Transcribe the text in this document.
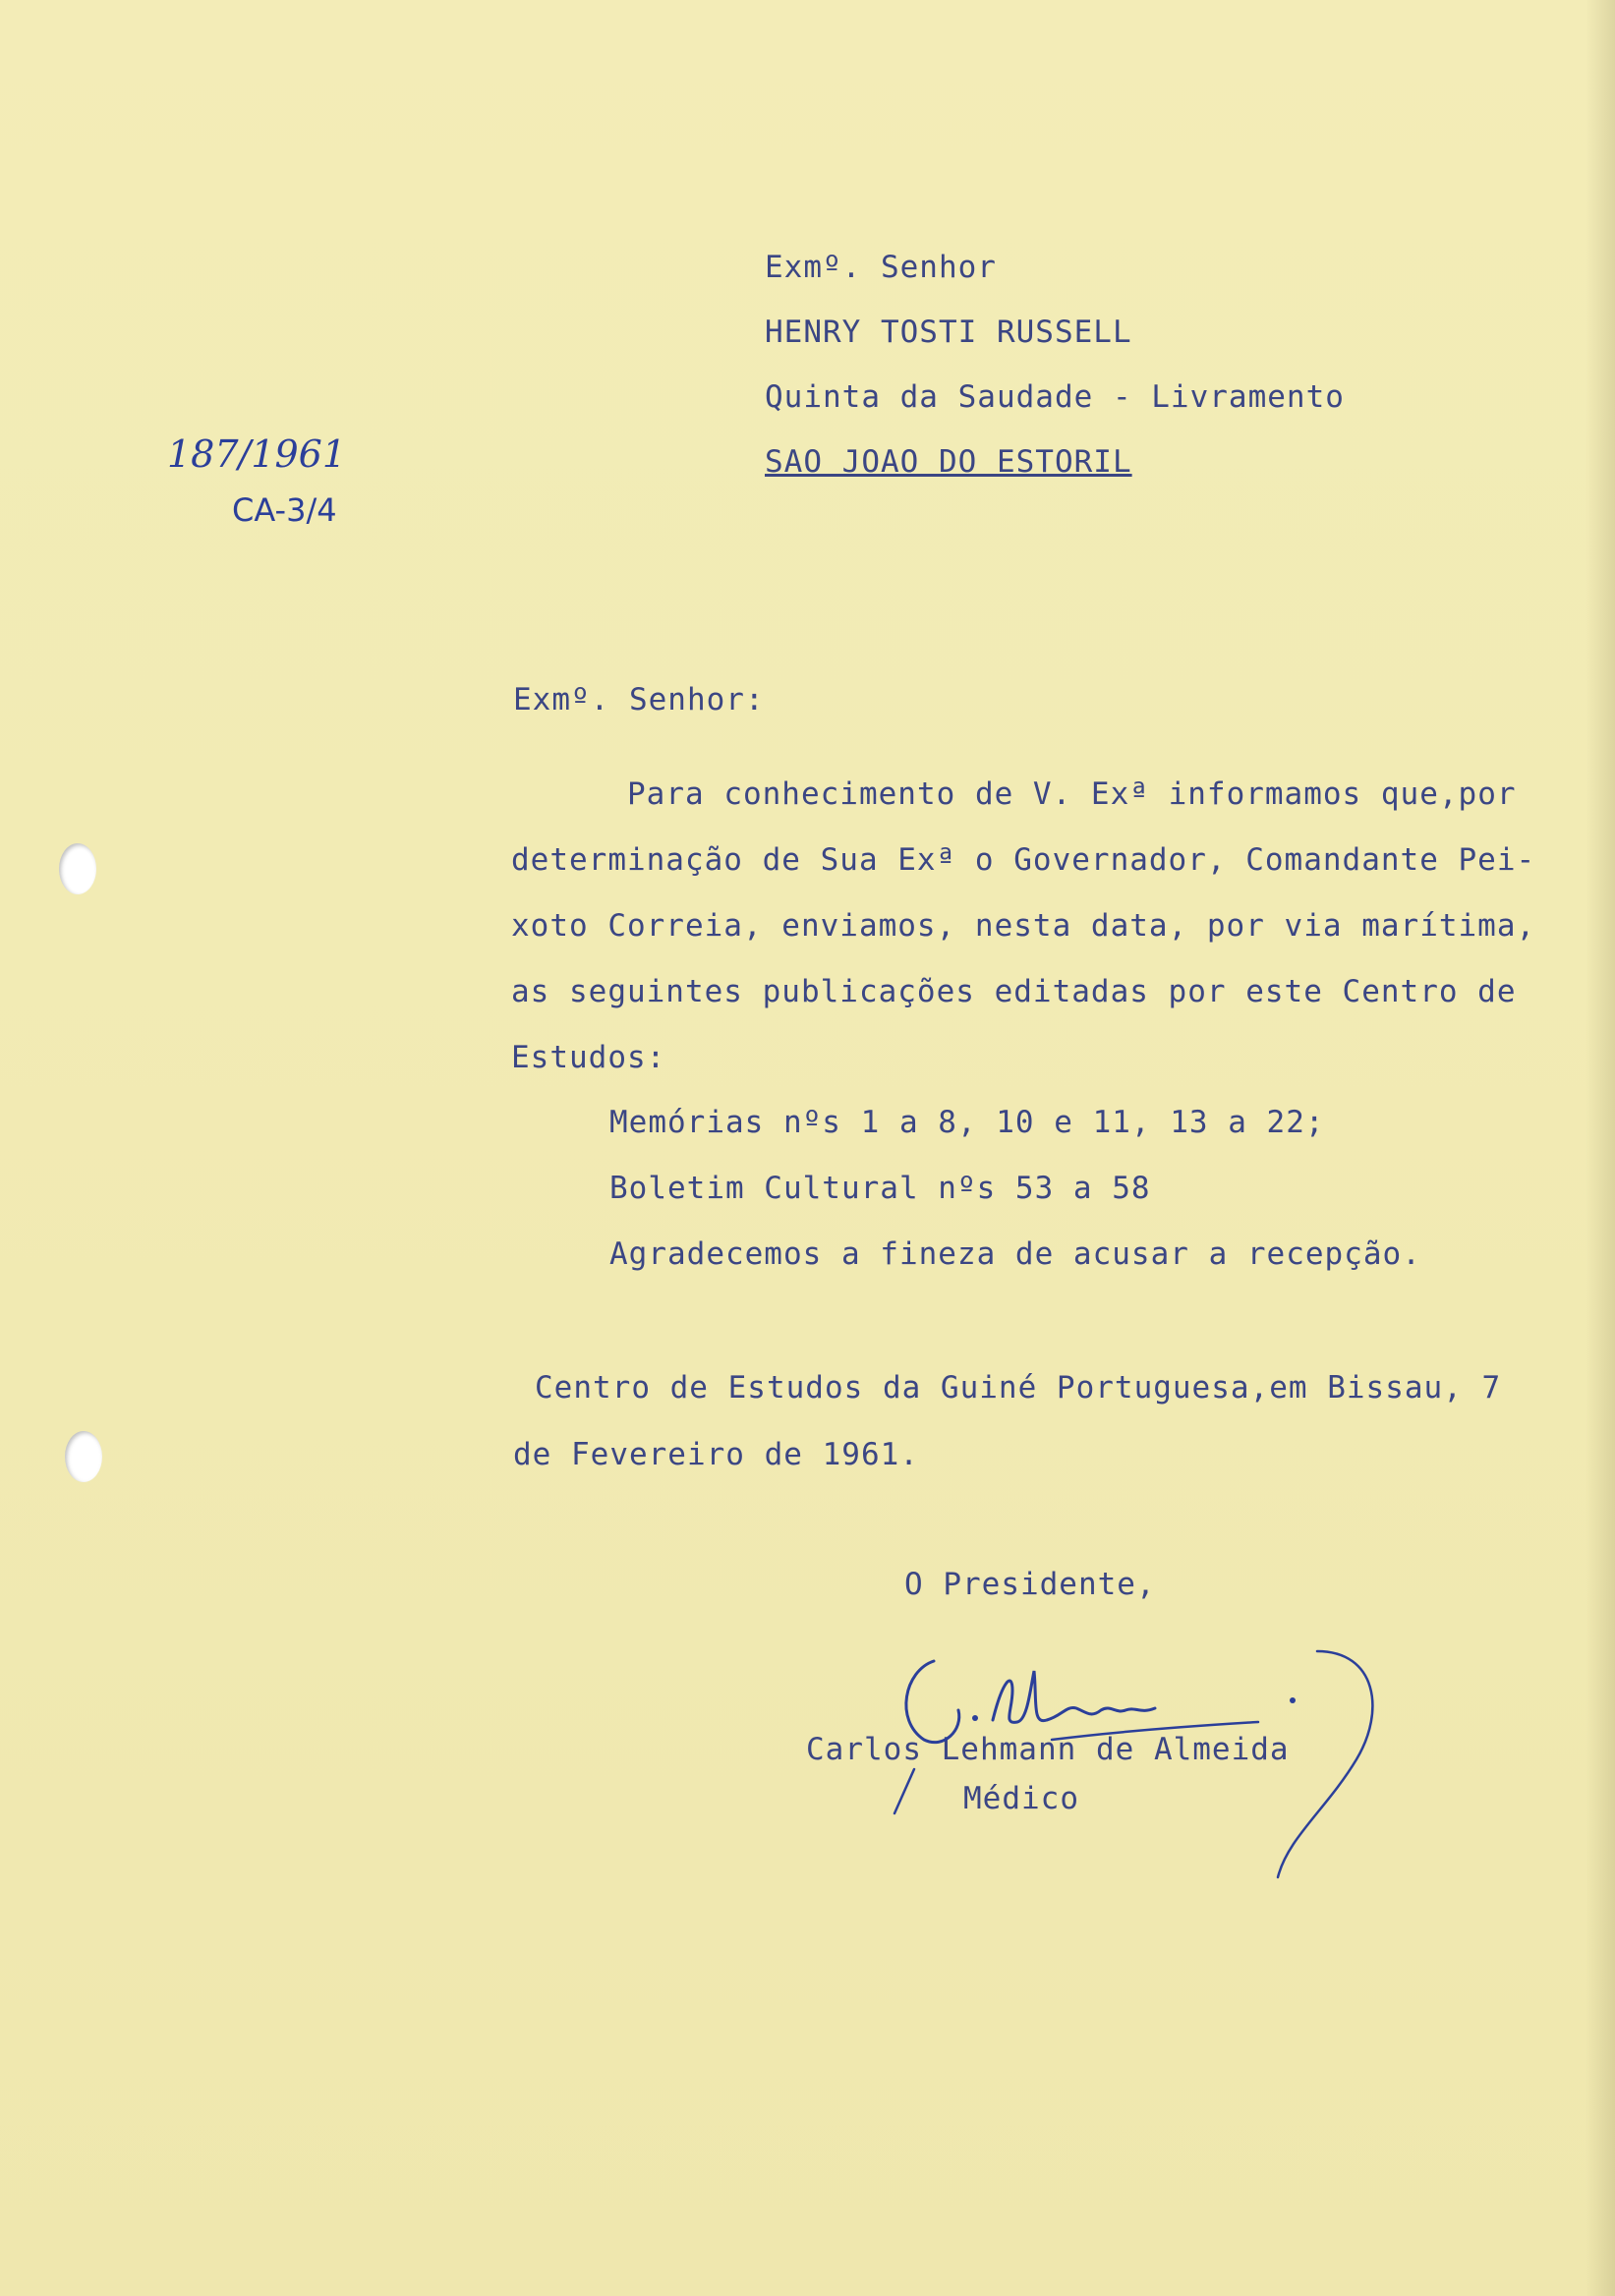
Exmº. Senhor
HENRY TOSTI RUSSELL
Quinta da Saudade - Livramento
SAO JOAO DO ESTORIL
187/1961
CA-3/4
Exmº. Senhor:
Para conhecimento de V. Exª informamos que,por
determinação de Sua Exª o Governador, Comandante Pei-
xoto Correia, enviamos, nesta data, por via marítima,
as seguintes publicações editadas por este Centro de
Estudos:
Memórias nºs 1 a 8, 10 e 11, 13 a 22;
Boletim Cultural nºs 53 a 58
Agradecemos a fineza de acusar a recepção.
Centro de Estudos da Guiné Portuguesa,em Bissau, 7
de Fevereiro de 1961.
O Presidente,
Carlos Lehmann de Almeida
Médico
